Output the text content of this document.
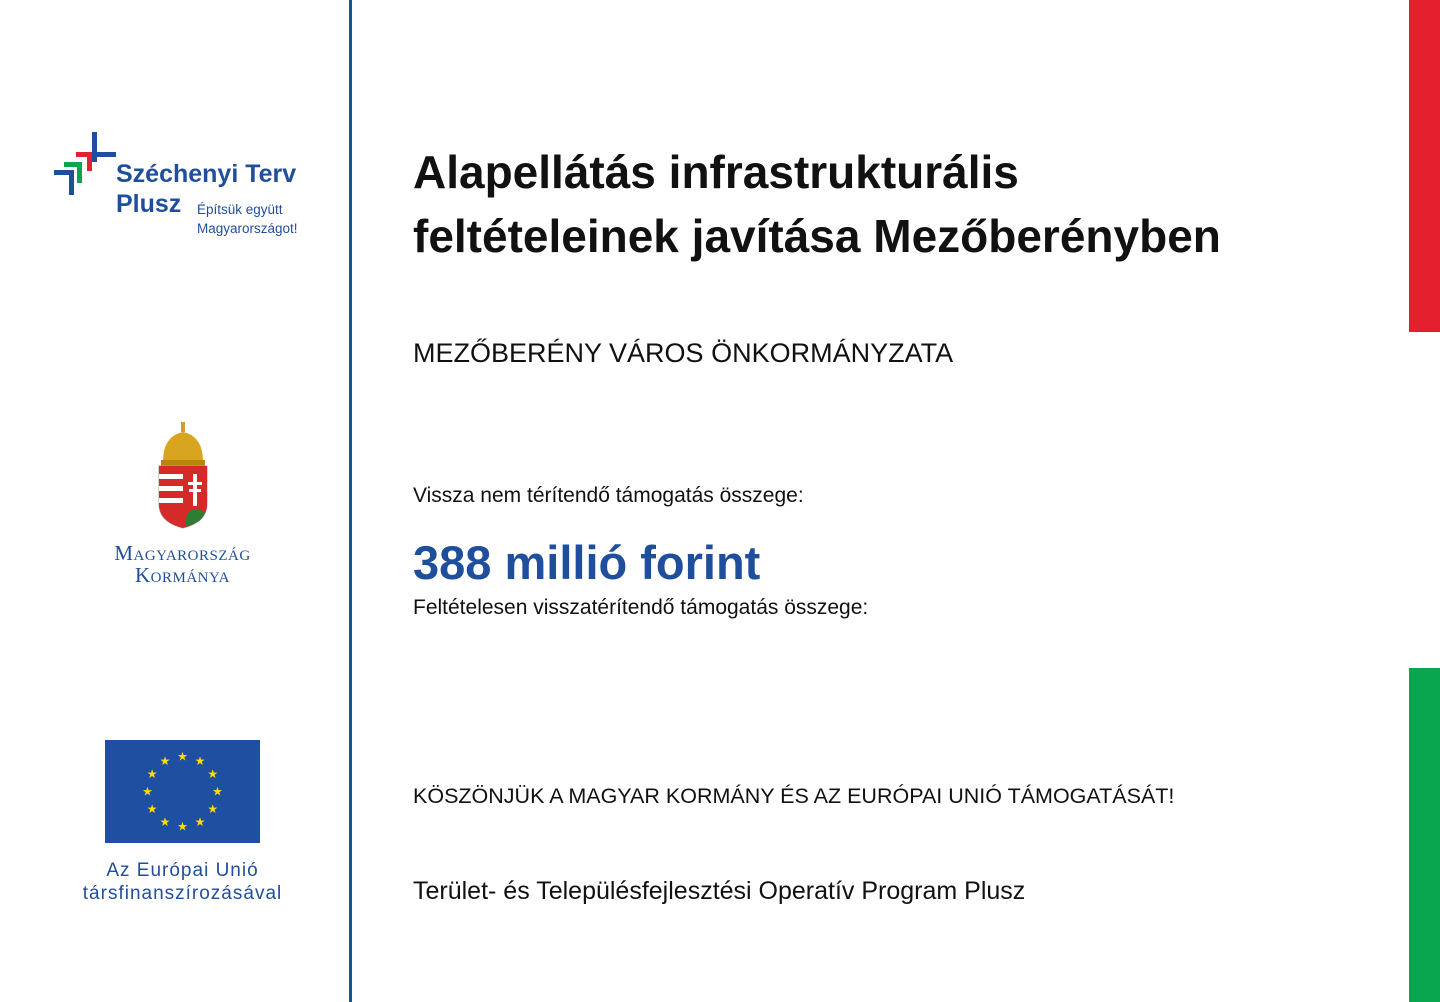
Széchenyi Terv
Plusz Építsük együtt
Magyarországot!
Magyarország
Kormánya
★ ★
★
★
★
★
★
★
★
★
★
★
Az Európai Unió
társfinanszírozásával
Alapellátás infrastrukturális
feltételeinek javítása Mezőberényben
MEZŐBERÉNY VÁROS ÖNKORMÁNYZATA
Vissza nem térítendő támogatás összege:
388 millió forint
Feltételesen visszatérítendő támogatás összege:
KÖSZÖNJÜK A MAGYAR KORMÁNY ÉS AZ EURÓPAI UNIÓ TÁMOGATÁSÁT!
Terület- és Településfejlesztési Operatív Program Plusz
